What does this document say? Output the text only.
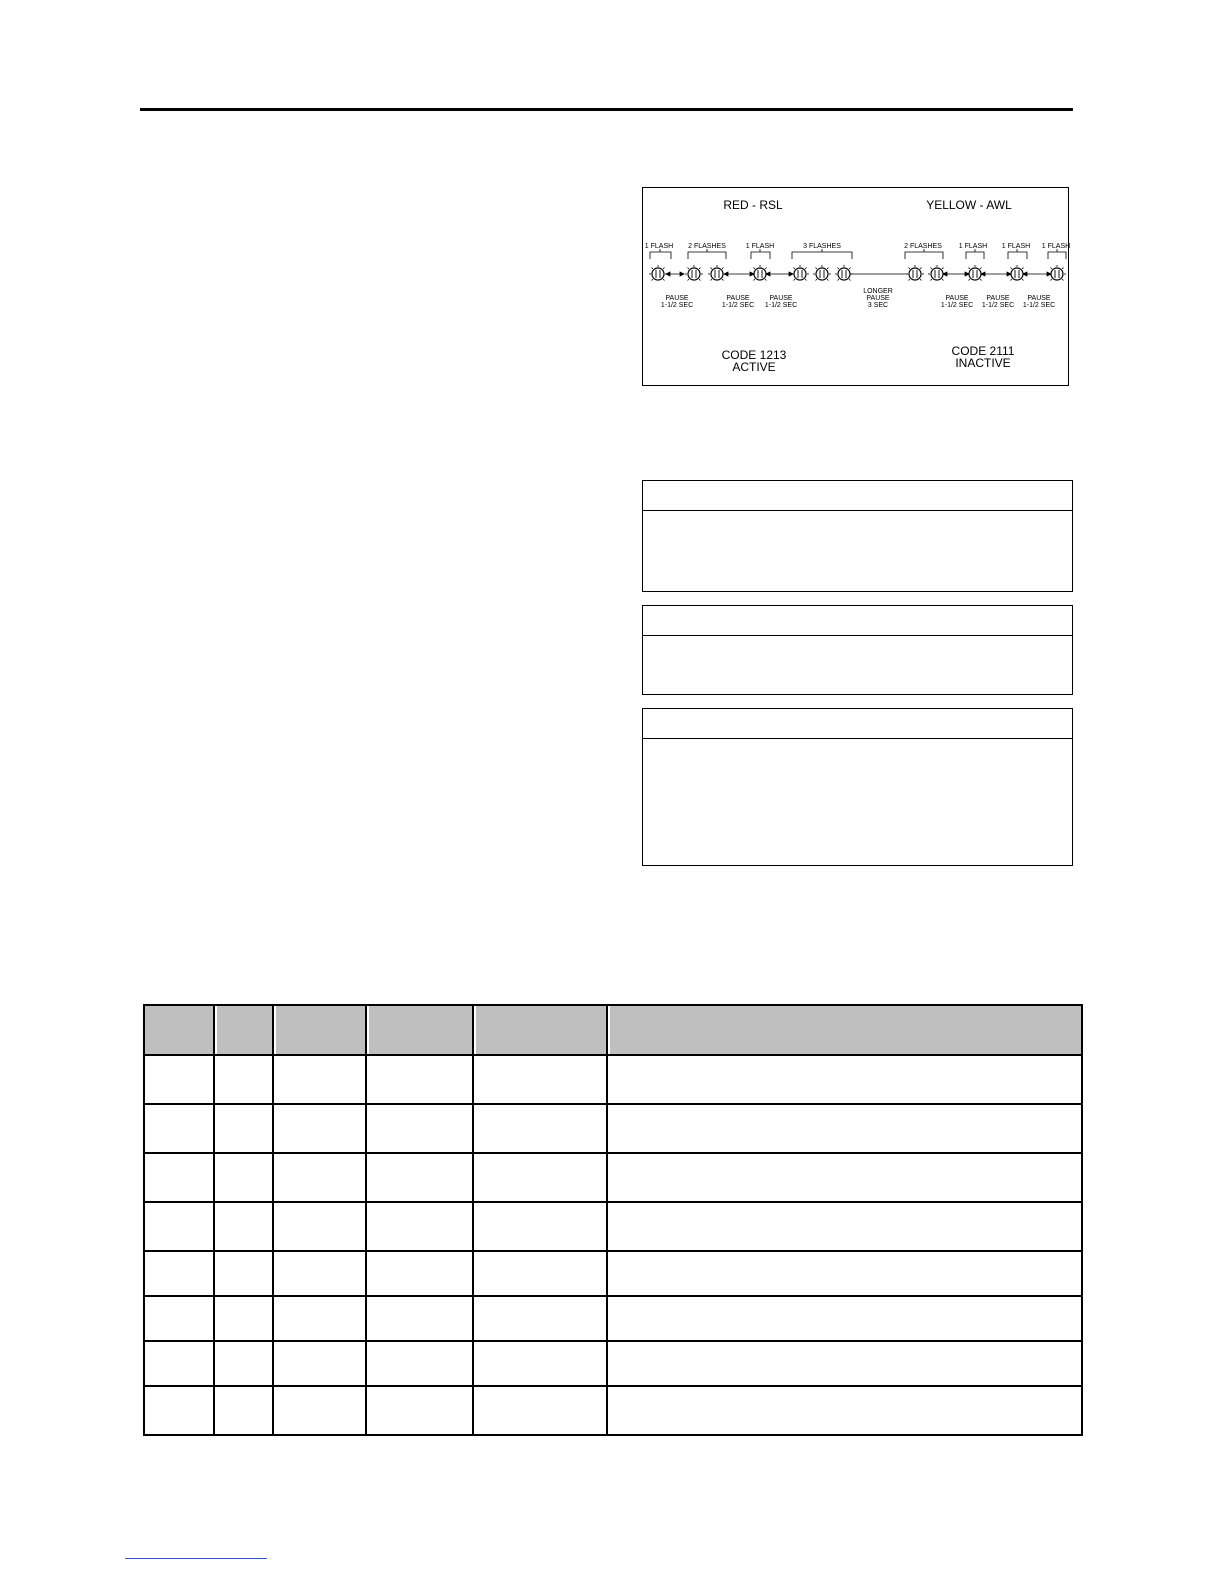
RED - RSL	YELLOW - AWL
1 FLASH 2 FLASHES	1 FLASH	3 FLASHES	2 FLASHES 1 FLASH 1 FLASH 1 FLASH
PAUSE
1-1/2 SEC
PAUSE
1-1/2 SEC
PAUSE
1-1/2 SEC
LONGER
PAUSE
3 SEC
PAUSE
1-1/2 SEC
PAUSE
1-1/2 SEC
PAUSE
1-1/2 SEC
CODE 1213
ACTIVE
CODE 2111
INACTIVE
